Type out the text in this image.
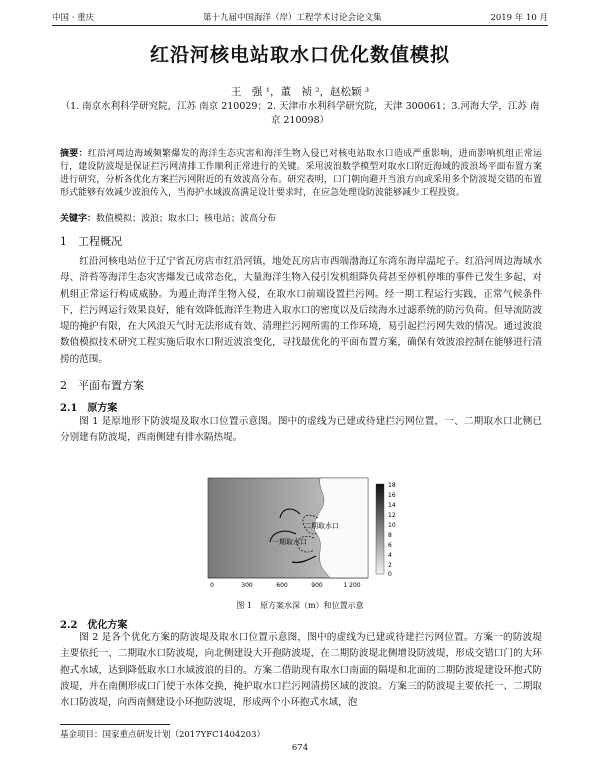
中国 · 重庆	第十九届中国海洋（岸）工程学术讨论会论文集	2019 年 10 月
红沿河核电站取水口优化数值模拟
王　强 ¹，董　祯 ²，赵松颖 ³
（1. 南京水利科学研究院，江苏 南京 210029；2. 天津市水利科学研究院，天津 300061；3.河海大学，江苏 南京 210098）
摘要：红沿河周边海域频繁爆发的海洋生态灾害和海洋生物入侵已对核电站取水口造成严重影响，进而影响机组正常运行，建设防波堤是保证拦污网清排工作顺利正常进行的关键。采用波浪数学模型对取水口附近海域的波浪场平面布置方案进行研究，分析各优化方案拦污网附近的有效波高分布。研究表明，口门朝向避开当浪方向或采用多个防波堤交错的布置形式能够有效减少波浪传入，当海护水域波高满足设计要求时，在应急处理设防波能够减少工程投资。
关键字：数值模拟；波浪；取水口；核电站；波高分布
1　工程概况
红沿河核电站位于辽宁省瓦房店市红沿河镇，地处瓦房店市西端渤海辽东湾东海岸温坨子。红沿河周边海域水母、浒苔等海洋生态灾害爆发已成常态化，大量海洋生物入侵引发机组降负荷甚至停机停堆的事件已发生多起，对机组正常运行构成威胁。为遏止海洋生物入侵，在取水口前端设置拦污网。经一期工程运行实践，正常气候条件下，拦污网运行效果良好，能有效降低海洋生物进入取水口的密度以及后续海水过滤系统的防污负荷。但导流防波堤的掩护有限，在大风浪天气时无法形成有效、清理拦污网所需的工作环境，易引起拦污网失效的情况。通过波浪数值模拟技术研究工程实施后取水口附近波浪变化，寻找最优化的平面布置方案，确保有效波浪控制在能够进行清捞的范围。
2　平面布置方案
2.1　原方案
图 1 是原地形下防波堤及取水口位置示意图。图中的虚线为已建或待建拦污网位置，一、二期取水口北侧已分别建有防波堤，西南侧建有排水隔热堤。
二期取水口
一期取水口
0	300	600	900	1 200
18
16
14
12
10
8
6
4
2
0
图 1　原方案水深（m）和位置示意
2.2　优化方案
图 2 是各个优化方案的防波堤及取水口位置示意图，图中的虚线为已建或待建拦污网位置。方案一的防波堤主要依托一、二期取水口防波堤，向北侧建设大开孢防波堤，在二期防波堤北侧增设防波堤，形成交错口门的大环抱式水域，达到降低取水口水域波浪的目的。方案二借助现有取水口南面的隔堤和北面的二期防波堤建设环抱式防波堤，并在南侧形成口门使于水体交换，掩护取水口拦污网清捞区域的波浪。方案三的防波堤主要依托一、二期取水口防波堤，向西南侧建设小环抱防波堤，形成两个小环抱式水域，泡
基金项目：国家重点研发计划（2017YFC1404203）
674
